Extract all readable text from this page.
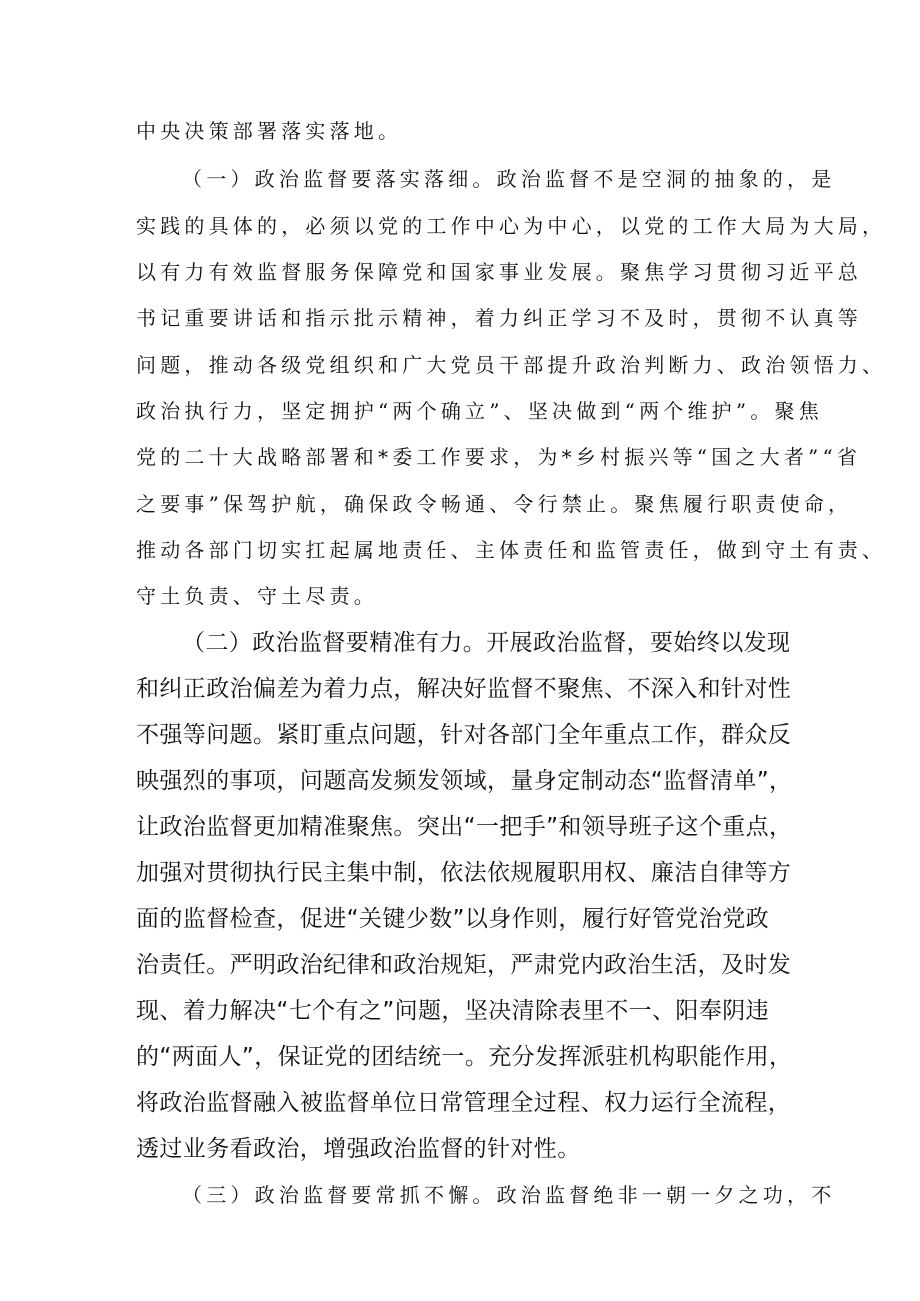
中央决策部署落实落地。

（一）政治监督要落实落细。政治监督不是空洞的抽象的，是

实践的具体的，必须以党的工作中心为中心，以党的工作大局为大局，

以有力有效监督服务保障党和国家事业发展。聚焦学习贯彻习近平总

书记重要讲话和指示批示精神，着力纠正学习不及时，贯彻不认真等

问题，推动各级党组织和广大党员干部提升政治判断力、政治领悟力、

政治执行力，坚定拥护“两个确立”、坚决做到“两个维护”。聚焦

党的二十大战略部署和*委工作要求，为*乡村振兴等“国之大者”“省

之要事”保驾护航，确保政令畅通、令行禁止。聚焦履行职责使命，

推动各部门切实扛起属地责任、主体责任和监管责任，做到守土有责、

守土负责、守土尽责。

（二）政治监督要精准有力。开展政治监督，要始终以发现

和纠正政治偏差为着力点，解决好监督不聚焦、不深入和针对性

不强等问题。紧盯重点问题，针对各部门全年重点工作，群众反

映强烈的事项，问题高发频发领域，量身定制动态“监督清单”，

让政治监督更加精准聚焦。突出“一把手”和领导班子这个重点，

加强对贯彻执行民主集中制，依法依规履职用权、廉洁自律等方

面的监督检查，促进“关键少数”以身作则，履行好管党治党政

治责任。严明政治纪律和政治规矩，严肃党内政治生活，及时发

现、着力解决“七个有之”问题，坚决清除表里不一、阳奉阴违

的“两面人”，保证党的团结统一。充分发挥派驻机构职能作用，

将政治监督融入被监督单位日常管理全过程、权力运行全流程，

透过业务看政治，增强政治监督的针对性。

（三）政治监督要常抓不懈。政治监督绝非一朝一夕之功，不
